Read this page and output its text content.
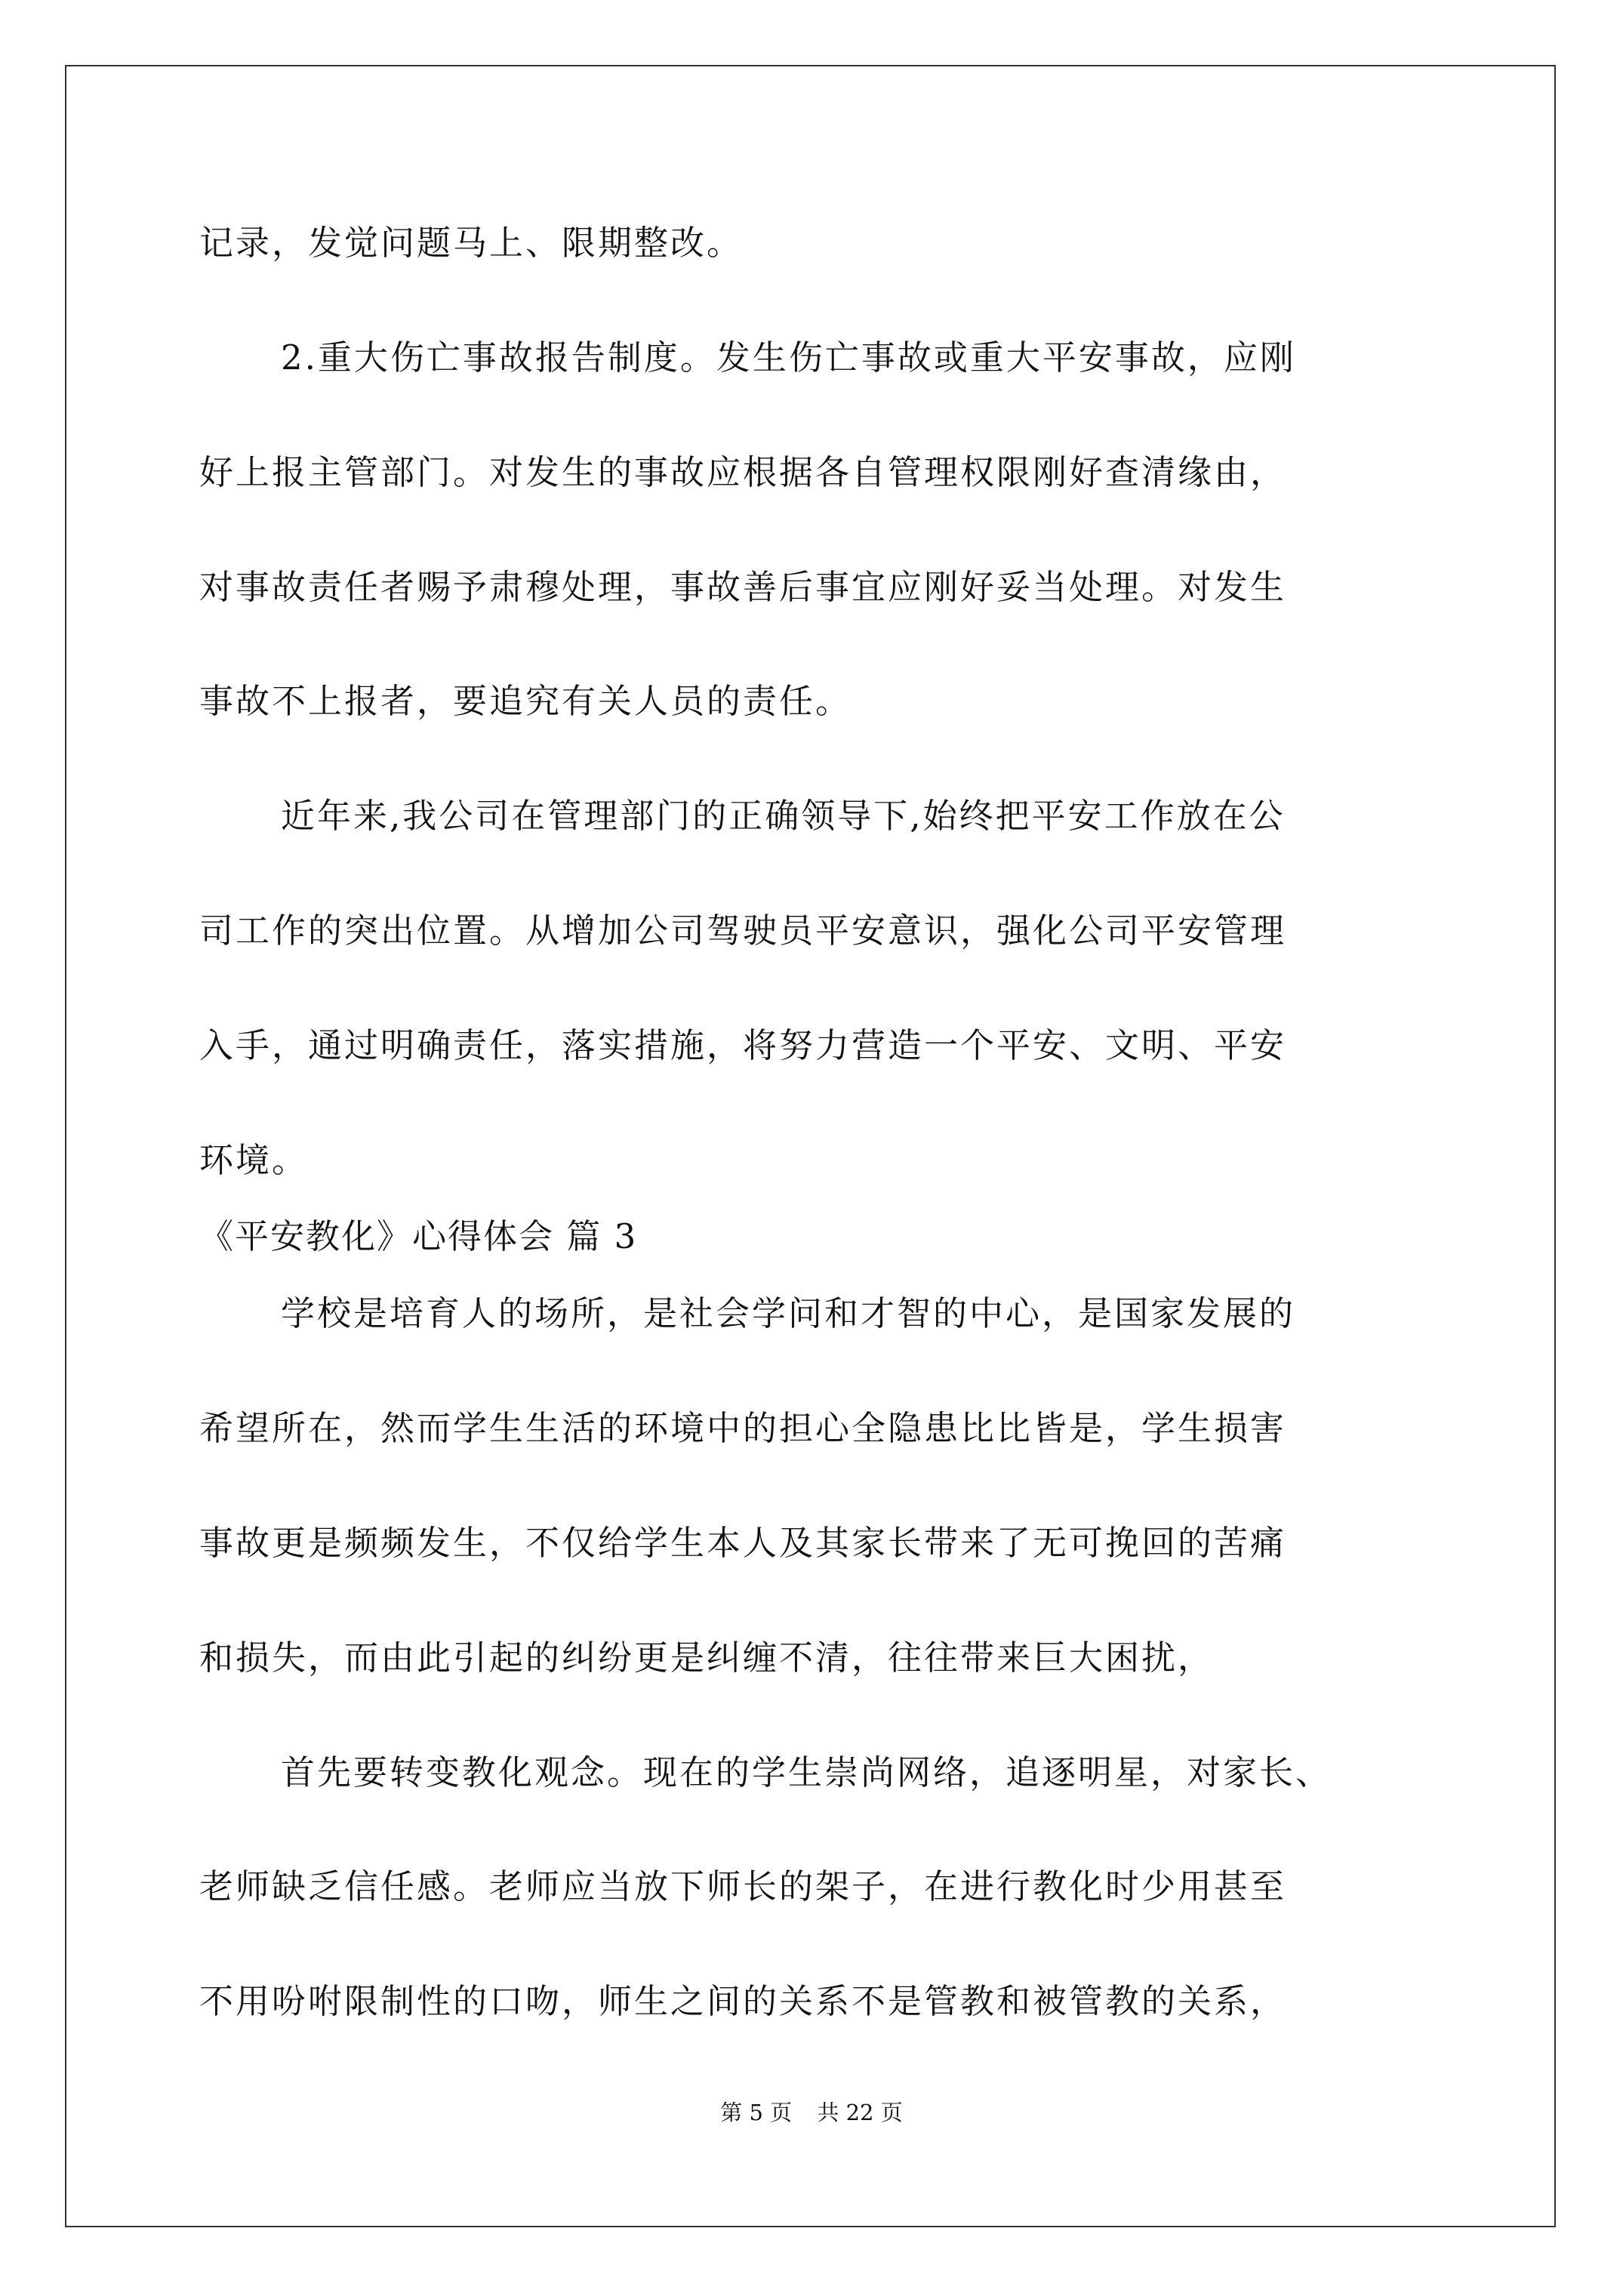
记录，发觉问题马上、限期整改。
2.重大伤亡事故报告制度。发生伤亡事故或重大平安事故，应刚
好上报主管部门。对发生的事故应根据各自管理权限刚好查清缘由，
对事故责任者赐予肃穆处理，事故善后事宜应刚好妥当处理。对发生
事故不上报者，要追究有关人员的责任。
近年来,我公司在管理部门的正确领导下,始终把平安工作放在公
司工作的突出位置。从增加公司驾驶员平安意识，强化公司平安管理
入手，通过明确责任，落实措施，将努力营造一个平安、文明、平安
环境。
《平安教化》心得体会 篇 3
学校是培育人的场所，是社会学问和才智的中心，是国家发展的
希望所在，然而学生生活的环境中的担心全隐患比比皆是，学生损害
事故更是频频发生，不仅给学生本人及其家长带来了无可挽回的苦痛
和损失，而由此引起的纠纷更是纠缠不清，往往带来巨大困扰，
首先要转变教化观念。现在的学生崇尚网络，追逐明星，对家长、
老师缺乏信任感。老师应当放下师长的架子，在进行教化时少用甚至
不用吩咐限制性的口吻，师生之间的关系不是管教和被管教的关系，
第 5 页 共 22 页
